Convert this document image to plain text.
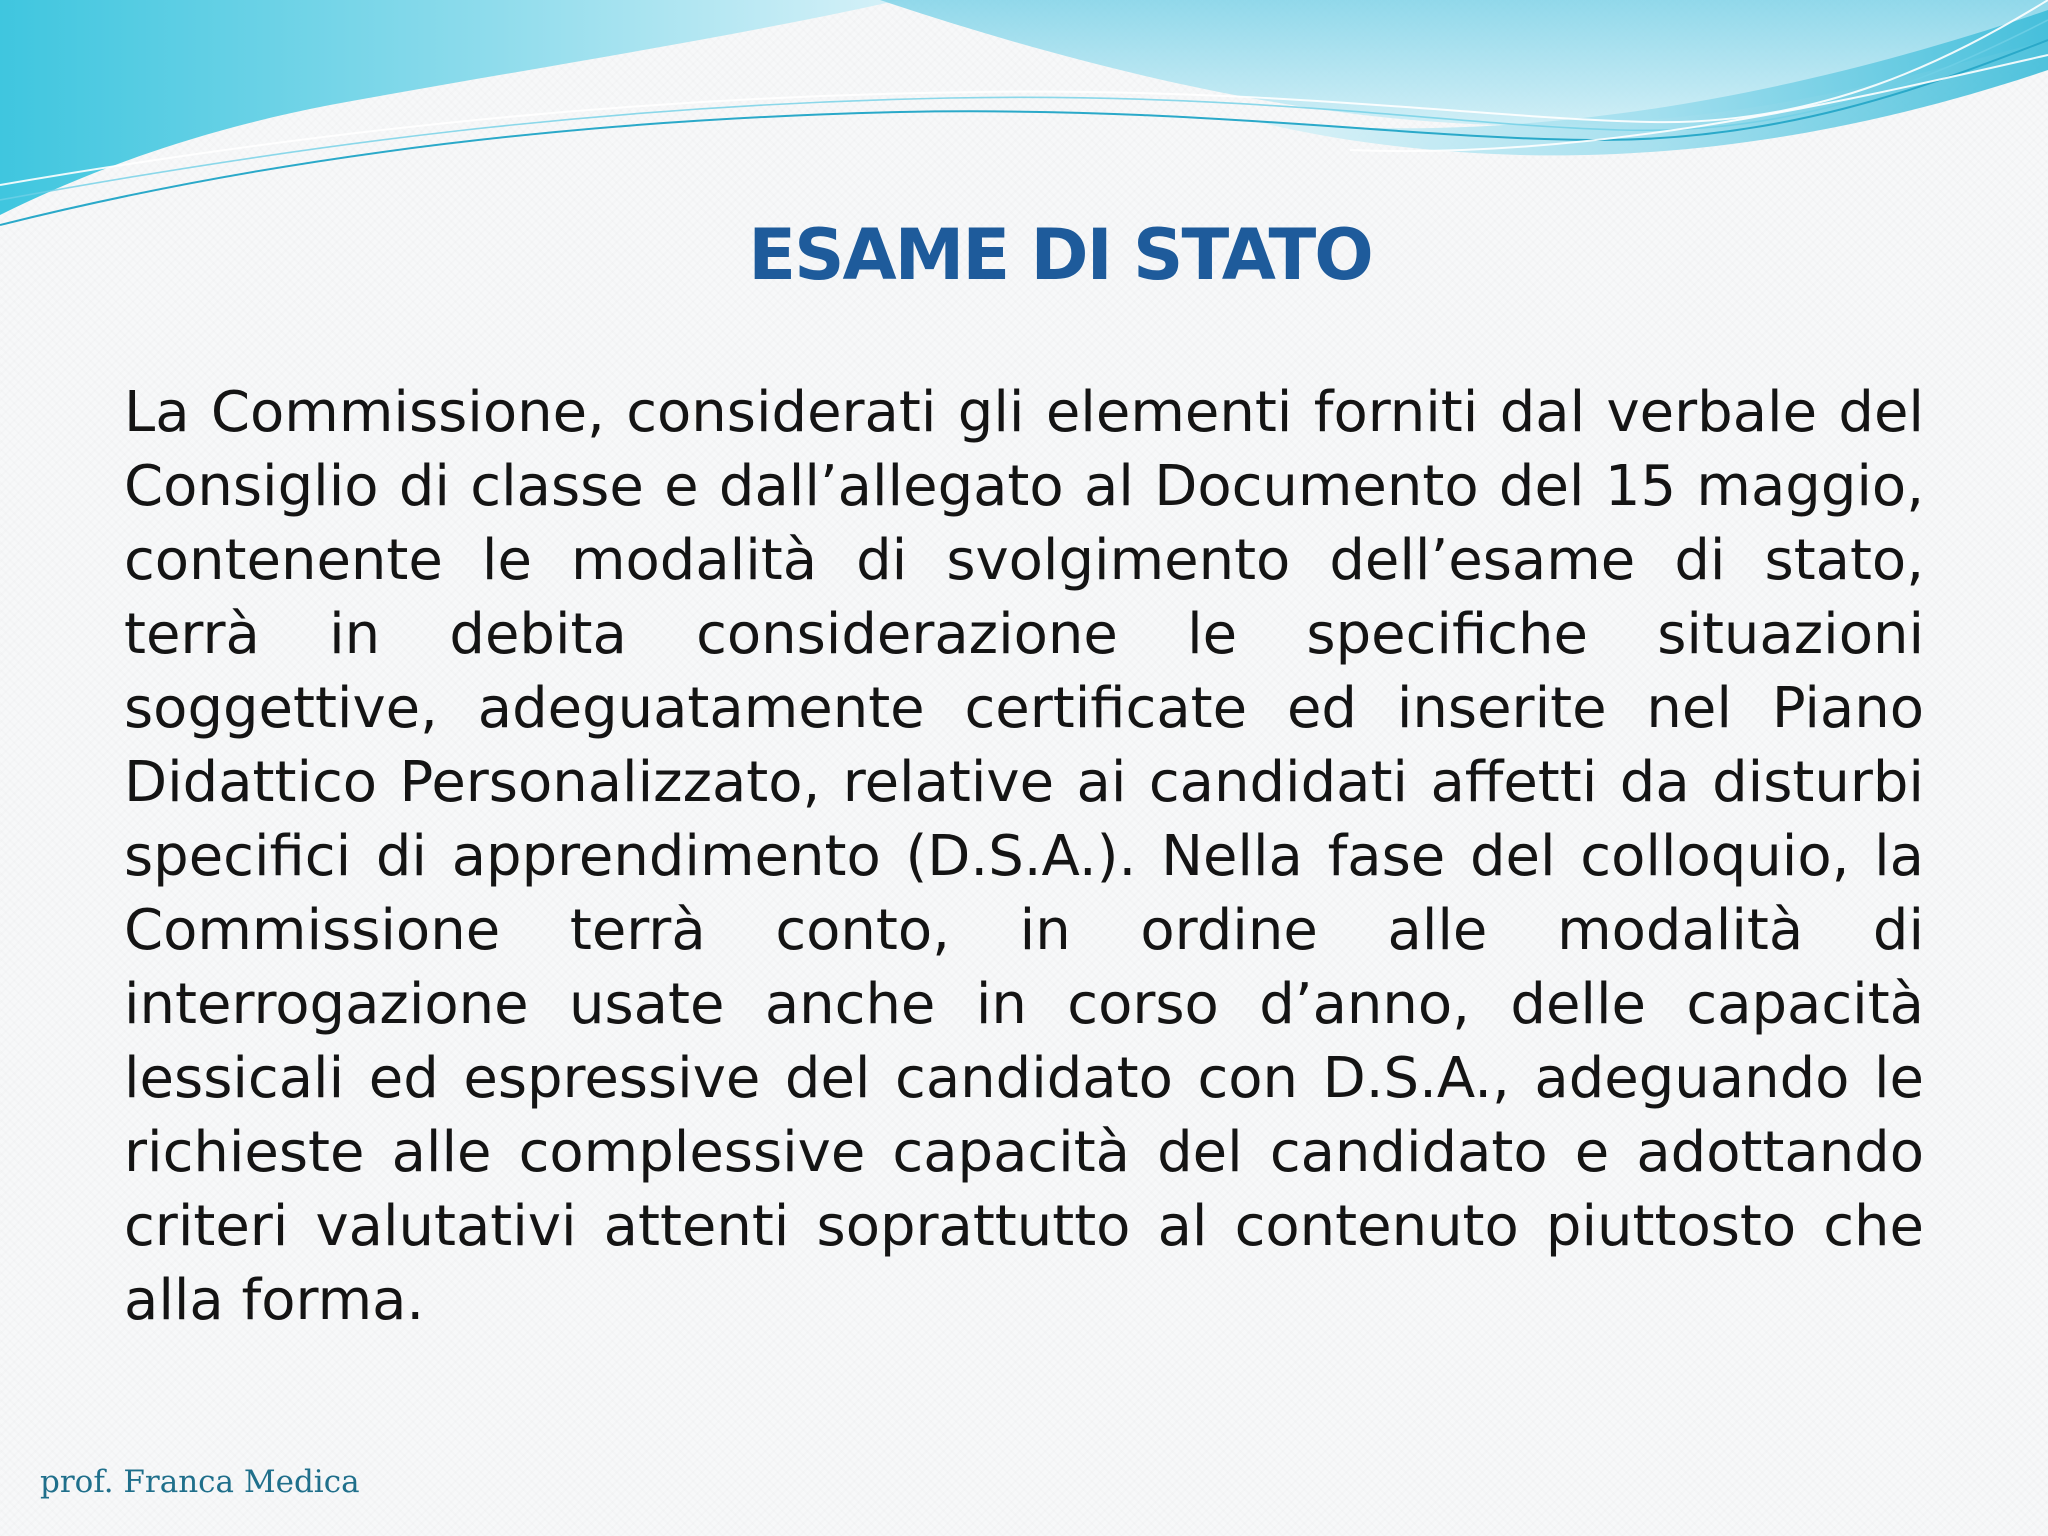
ESAME DI STATO

La Commissione, considerati gli elementi forniti dal verbale del Consiglio di classe e dall’allegato al Documento del 15 maggio, contenente le modalità di svolgimento dell’esame di stato, terrà in debita considerazione le specifiche situazioni soggettive, adeguatamente certificate ed inserite nel Piano Didattico Personalizzato, relative ai candidati affetti da disturbi specifici di apprendimento (D.S.A.). Nella fase del colloquio, la Commissione terrà conto, in ordine alle modalità di interrogazione usate anche in corso d’anno, delle capacità lessicali ed espressive del candidato con D.S.A., adeguando le richieste alle complessive capacità del candidato e adottando criteri valutativi attenti soprattutto al contenuto piuttosto che alla forma.

prof. Franca Medica
